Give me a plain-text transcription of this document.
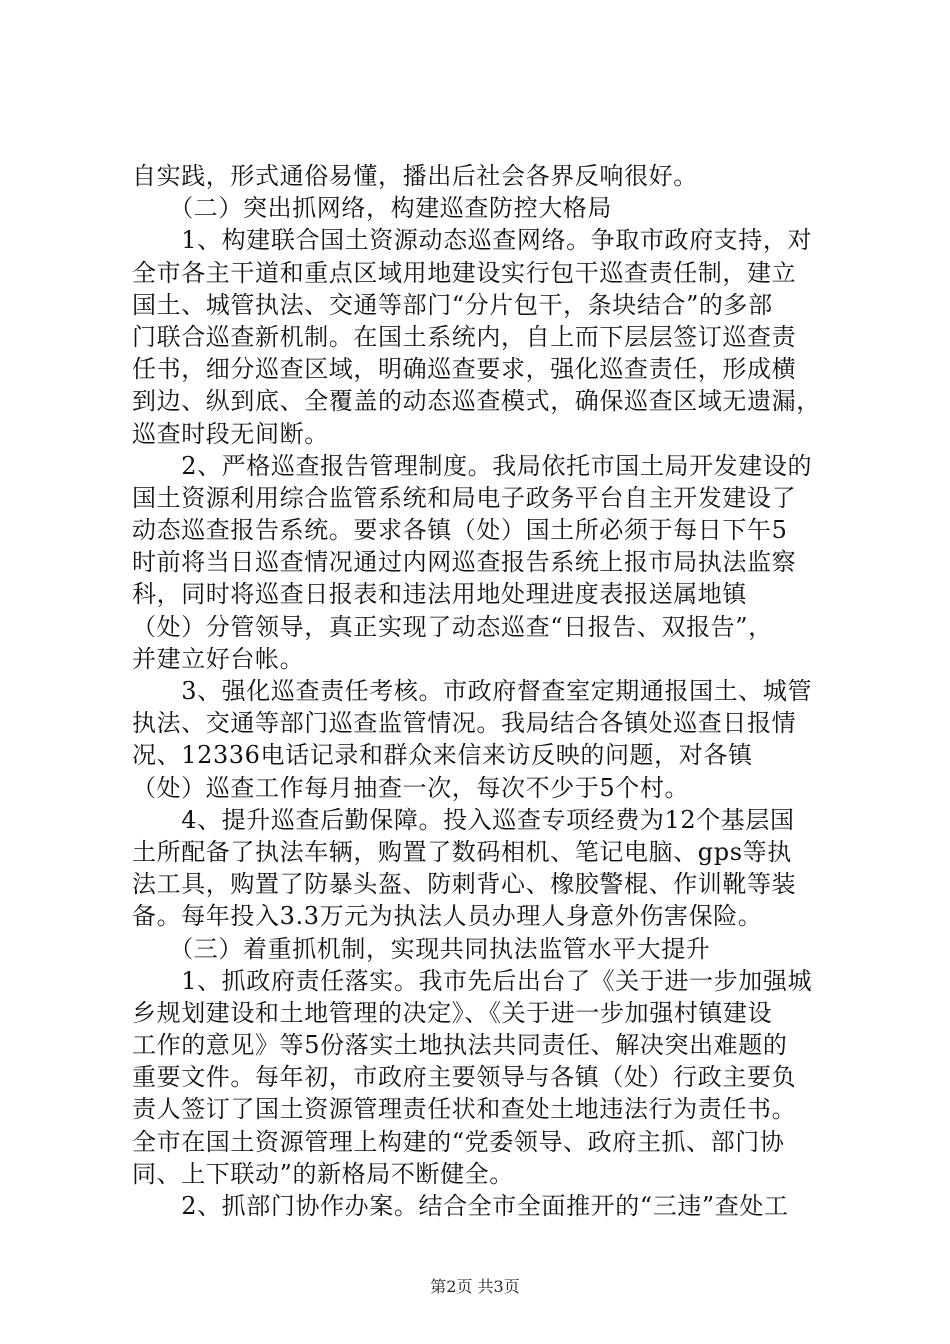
自实践，形式通俗易懂，播出后社会各界反响很好。
　　（二）突出抓网络，构建巡查防控大格局
　　1、构建联合国土资源动态巡查网络。争取市政府支持，对
全市各主干道和重点区域用地建设实行包干巡查责任制，建立
国土、城管执法、交通等部门“分片包干，条块结合”的多部
门联合巡查新机制。在国土系统内，自上而下层层签订巡查责
任书，细分巡查区域，明确巡查要求，强化巡查责任，形成横
到边、纵到底、全覆盖的动态巡查模式，确保巡查区域无遗漏，
巡查时段无间断。
　　2、严格巡查报告管理制度。我局依托市国土局开发建设的
国土资源利用综合监管系统和局电子政务平台自主开发建设了
动态巡查报告系统。要求各镇（处）国土所必须于每日下午5
时前将当日巡查情况通过内网巡查报告系统上报市局执法监察
科，同时将巡查日报表和违法用地处理进度表报送属地镇
（处）分管领导，真正实现了动态巡查“日报告、双报告”，
并建立好台帐。
　　3、强化巡查责任考核。市政府督查室定期通报国土、城管
执法、交通等部门巡查监管情况。我局结合各镇处巡查日报情
况、12336电话记录和群众来信来访反映的问题，对各镇
（处）巡查工作每月抽查一次，每次不少于5个村。
　　4、提升巡查后勤保障。投入巡查专项经费为12个基层国
土所配备了执法车辆，购置了数码相机、笔记电脑、gps等执
法工具，购置了防暴头盔、防刺背心、橡胶警棍、作训靴等装
备。每年投入3.3万元为执法人员办理人身意外伤害保险。
　　（三）着重抓机制，实现共同执法监管水平大提升
　　1、抓政府责任落实。我市先后出台了《关于进一步加强城
乡规划建设和土地管理的决定》、《关于进一步加强村镇建设
工作的意见》等5份落实土地执法共同责任、解决突出难题的
重要文件。每年初，市政府主要领导与各镇（处）行政主要负
责人签订了国土资源管理责任状和查处土地违法行为责任书。
全市在国土资源管理上构建的“党委领导、政府主抓、部门协
同、上下联动”的新格局不断健全。
　　2、抓部门协作办案。结合全市全面推开的“三违”查处工
第2页 共3页
